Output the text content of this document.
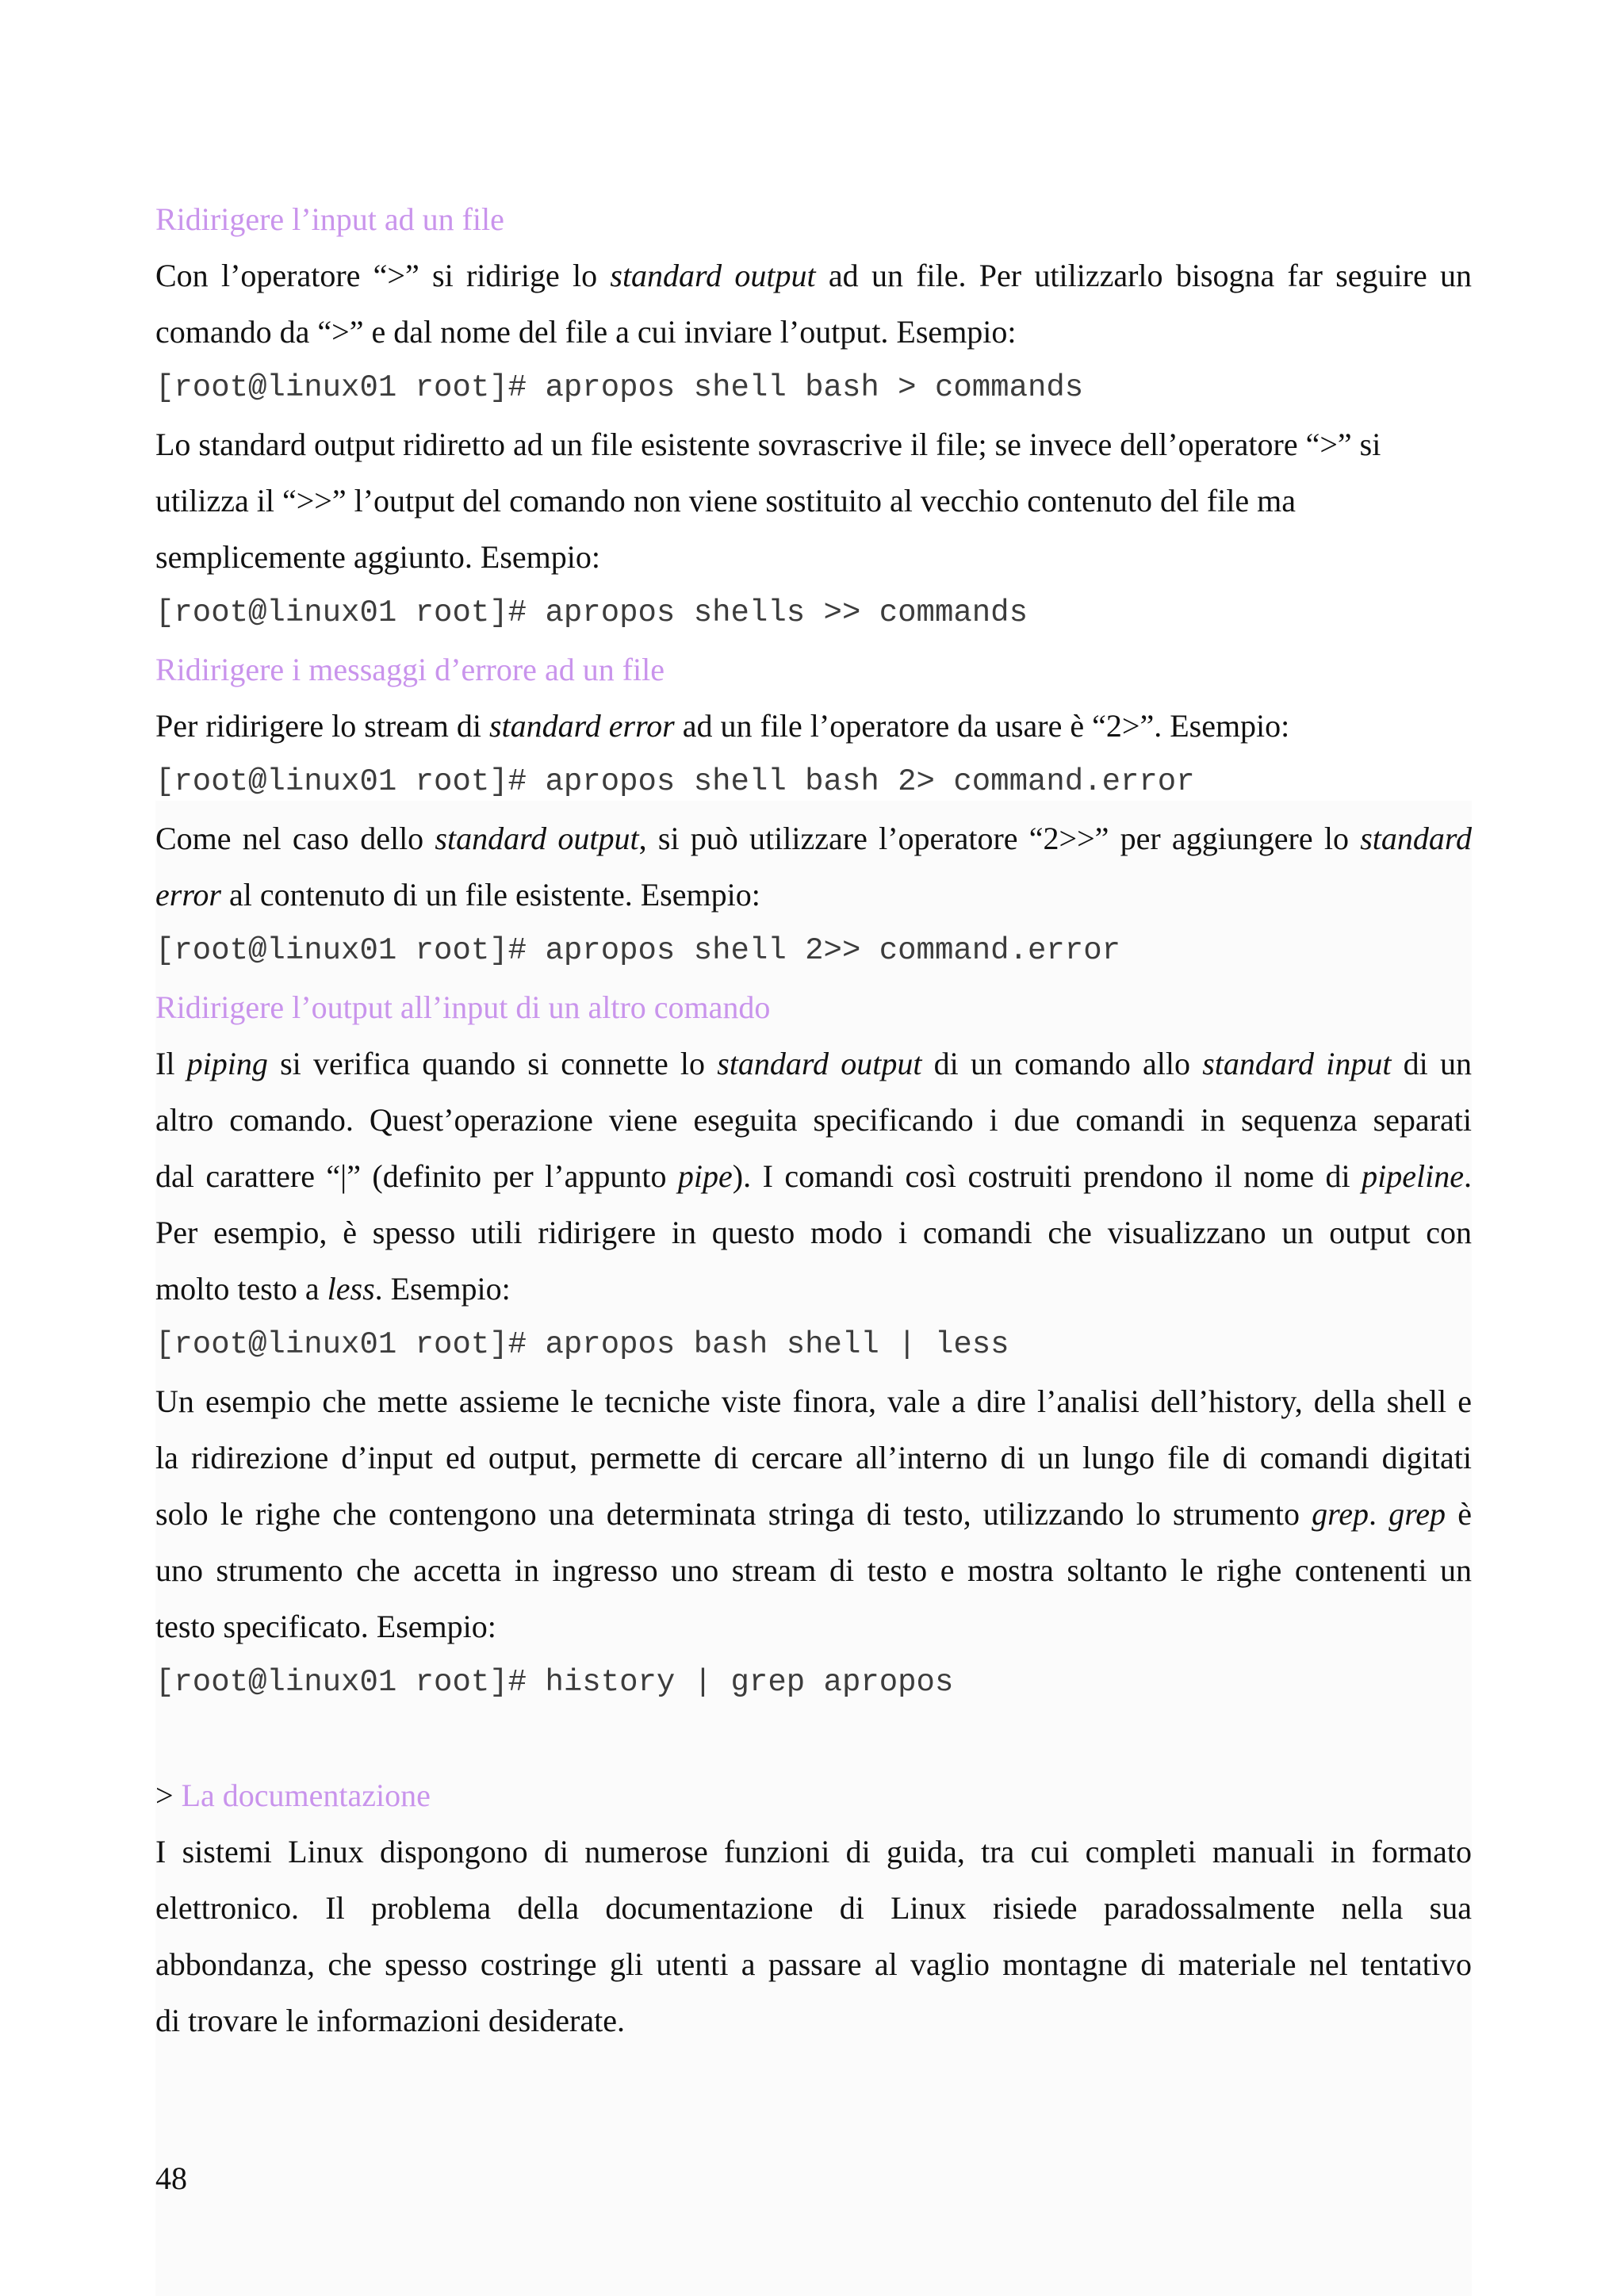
Ridirigere l’input ad un file
Con l’operatore “>” si ridirige lo standard output ad un file. Per utilizzarlo bisogna far seguire un
comando da “>” e dal nome del file a cui inviare l’output. Esempio:
[root@linux01 root]# apropos shell bash > commands
Lo standard output ridiretto ad un file esistente sovrascrive il file; se invece dell’operatore “>” si
utilizza il “>>” l’output del comando non viene sostituito al vecchio contenuto del file ma
semplicemente aggiunto. Esempio:
[root@linux01 root]# apropos shells >> commands
Ridirigere i messaggi d’errore ad un file
Per ridirigere lo stream di standard error ad un file l’operatore da usare è “2>”. Esempio:
[root@linux01 root]# apropos shell bash 2> command.error
Come nel caso dello standard output, si può utilizzare l’operatore “2>>” per aggiungere lo standard
error al contenuto di un file esistente. Esempio:
[root@linux01 root]# apropos shell 2>> command.error
Ridirigere l’output all’input di un altro comando
Il piping si verifica quando si connette lo standard output di un comando allo standard input di un
altro comando. Quest’operazione viene eseguita specificando i due comandi in sequenza separati
dal carattere “|” (definito per l’appunto pipe). I comandi così costruiti prendono il nome di pipeline.
Per esempio, è spesso utili ridirigere in questo modo i comandi che visualizzano un output con
molto testo a less. Esempio:
[root@linux01 root]# apropos bash shell | less
Un esempio che mette assieme le tecniche viste finora, vale a dire l’analisi dell’history, della shell e
la ridirezione d’input ed output, permette di cercare all’interno di un lungo file di comandi digitati
solo le righe che contengono una determinata stringa di testo, utilizzando lo strumento grep. grep è
uno strumento che accetta in ingresso uno stream di testo e mostra soltanto le righe contenenti un
testo specificato. Esempio:
[root@linux01 root]# history | grep apropos
> La documentazione
I sistemi Linux dispongono di numerose funzioni di guida, tra cui completi manuali in formato
elettronico. Il problema della documentazione di Linux risiede paradossalmente nella sua
abbondanza, che spesso costringe gli utenti a passare al vaglio montagne di materiale nel tentativo
di trovare le informazioni desiderate.
48
